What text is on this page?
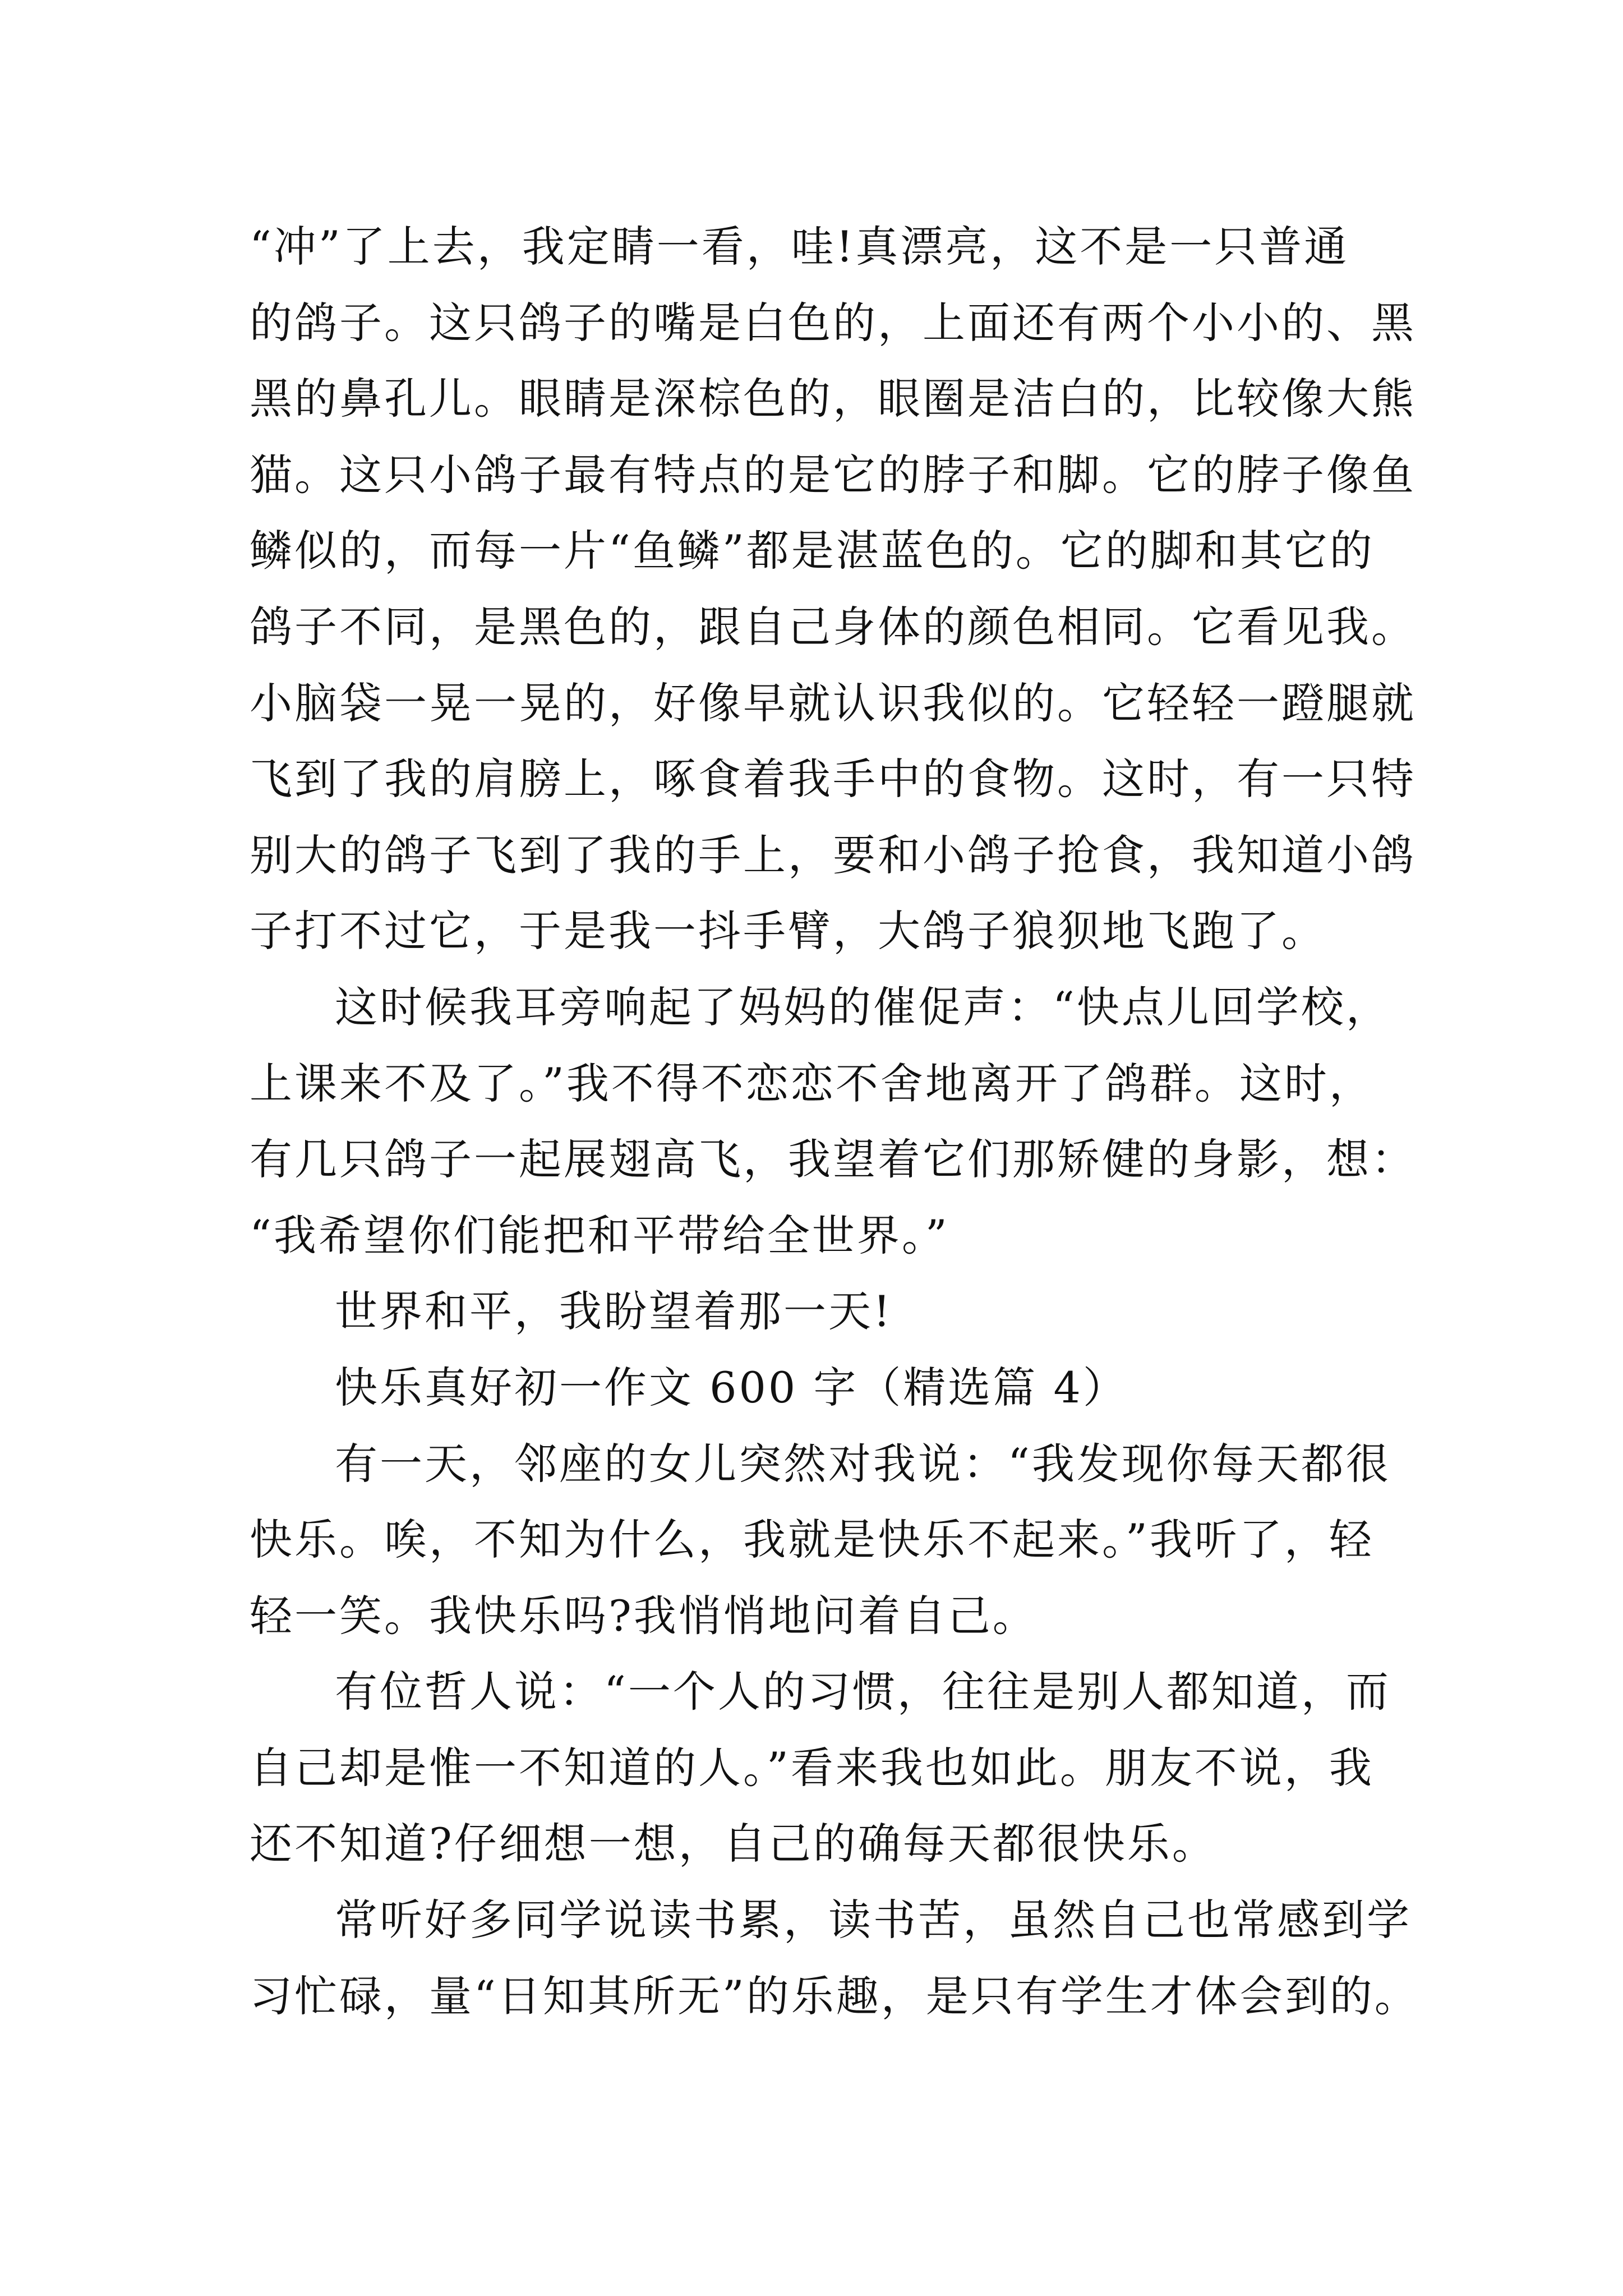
“冲”了上去，我定睛一看，哇!真漂亮，这不是一只普通
的鸽子。这只鸽子的嘴是白色的，上面还有两个小小的、黑
黑的鼻孔儿。眼睛是深棕色的，眼圈是洁白的，比较像大熊
猫。这只小鸽子最有特点的是它的脖子和脚。它的脖子像鱼
鳞似的，而每一片“鱼鳞”都是湛蓝色的。它的脚和其它的
鸽子不同，是黑色的，跟自己身体的颜色相同。它看见我。
小脑袋一晃一晃的，好像早就认识我似的。它轻轻一蹬腿就
飞到了我的肩膀上，啄食着我手中的食物。这时，有一只特
别大的鸽子飞到了我的手上，要和小鸽子抢食，我知道小鸽
子打不过它，于是我一抖手臂，大鸽子狼狈地飞跑了。
这时候我耳旁响起了妈妈的催促声：“快点儿回学校，
上课来不及了。”我不得不恋恋不舍地离开了鸽群。这时，
有几只鸽子一起展翅高飞，我望着它们那矫健的身影，想：
“我希望你们能把和平带给全世界。”
世界和平，我盼望着那一天!
快乐真好初一作文 600 字（精选篇 4）
有一天，邻座的女儿突然对我说：“我发现你每天都很
快乐。唉，不知为什么，我就是快乐不起来。”我听了，轻
轻一笑。我快乐吗?我悄悄地问着自己。
有位哲人说：“一个人的习惯，往往是别人都知道，而
自己却是惟一不知道的人。”看来我也如此。朋友不说，我
还不知道?仔细想一想，自己的确每天都很快乐。
常听好多同学说读书累，读书苦，虽然自己也常感到学
习忙碌，量“日知其所无”的乐趣，是只有学生才体会到的。
